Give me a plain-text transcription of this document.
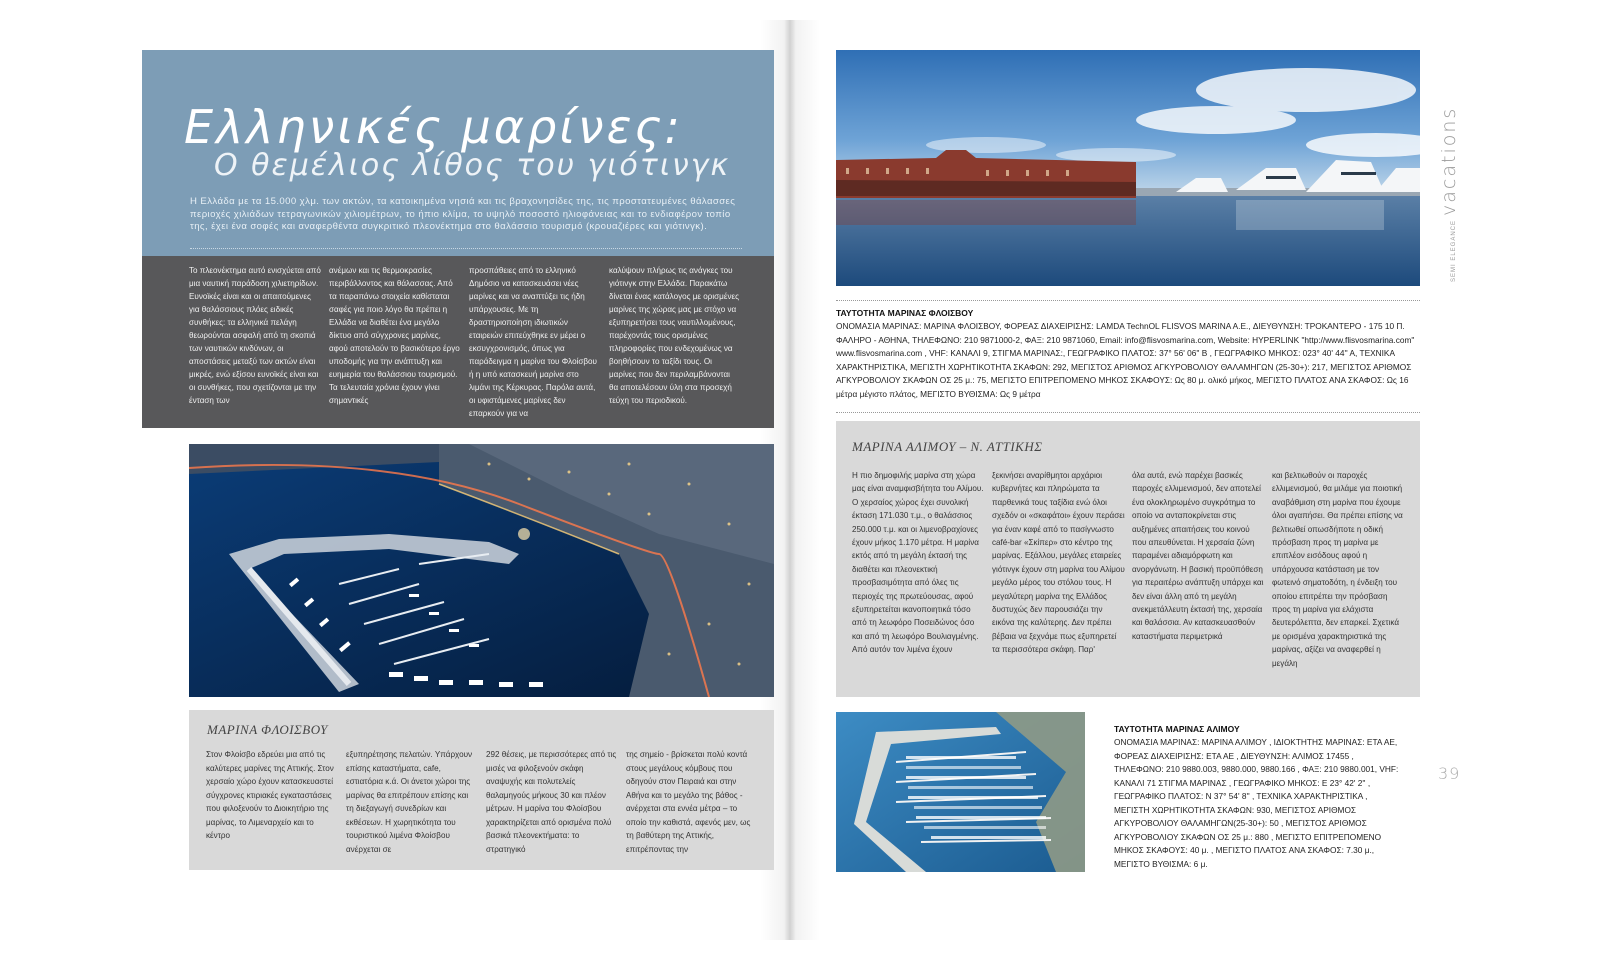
Ελληνικές μαρίνες:
Ο θεμέλιος λίθος του γιότινγκ
Η Ελλάδα με τα 15.000 χλμ. των ακτών, τα κατοικημένα νησιά και τις βραχονησίδες της, τις προστατευμένες θάλασσες περιοχές χιλιάδων τετραγωνικών χιλιομέτρων, το ήπιο κλίμα, το υψηλό ποσοστό ηλιοφάνειας και το ενδιαφέρον τοπίο της, έχει ένα σοφές και αναφερθέντα συγκριτικό πλεονέκτημα στο θαλάσσιο τουρισμό (κρουαζιέρες και γιότινγκ).
Το πλεονέκτημα αυτό ενισχύεται από μια ναυτική παράδοση χιλιετηρίδων. Ευνοϊκές είναι και οι απαιτούμενες για θαλάσσιους πλόες ειδικές συνθήκες: τα ελληνικά πελάγη θεωρούνται ασφαλή από τη σκοπιά των ναυτικών κινδύνων, οι αποστάσεις μεταξύ των ακτών είναι μικρές, ενώ εξίσου ευνοϊκές είναι και οι συνθήκες, που σχετίζονται με την ένταση των
ανέμων και τις θερμοκρασίες περιβάλλοντος και θάλασσας. Από τα παραπάνω στοιχεία καθίσταται σαφές για ποιο λόγο θα πρέπει η Ελλάδα να διαθέτει ένα μεγάλο δίκτυο από σύγχρονες μαρίνες, αφού αποτελούν το βασικότερο έργο υποδομής για την ανάπτυξη και ευημερία του θαλάσσιου τουρισμού. Τα τελευταία χρόνια έχουν γίνει σημαντικές
προσπάθειες από το ελληνικό Δημόσιο να κατασκευάσει νέες μαρίνες και να αναπτύξει τις ήδη υπάρχουσες. Με τη δραστηριοποίηση ιδιωτικών εταιρειών επιτεύχθηκε εν μέρει ο εκσυγχρονισμός, όπως για παράδειγμα η μαρίνα του Φλοίσβου ή η υπό κατασκευή μαρίνα στο λιμάνι της Κέρκυρας. Παρόλα αυτά, οι υφιστάμενες μαρίνες δεν επαρκούν για να
καλύψουν πλήρως τις ανάγκες του γιότινγκ στην Ελλάδα. Παρακάτω δίνεται ένας κατάλογος με ορισμένες μαρίνες της χώρας μας με στόχο να εξυπηρετήσει τους ναυτιλλομένους, παρέχοντάς τους ορισμένες πληροφορίες που ενδεχομένως να βοηθήσουν το ταξίδι τους. Οι μαρίνες που δεν περιλαμβάνονται θα αποτελέσουν ύλη στα προσεχή τεύχη του περιοδικού.
ΜΑΡΙΝΑ ΦΛΟΙΣΒΟΥ
Στον Φλοίσβο εδρεύει μια από τις καλύτερες μαρίνες της Αττικής. Στον χερσαίο χώρο έχουν κατασκευαστεί σύγχρονες κτιριακές εγκαταστάσεις που φιλοξενούν το Διοικητήριο της μαρίνας, το Λιμεναρχείο και το κέντρο
εξυπηρέτησης πελατών. Υπάρχουν επίσης καταστήματα, cafe, εστιατόρια κ.ά. Οι άνετοι χώροι της μαρίνας θα επιτρέπουν επίσης και τη διεξαγωγή συνεδρίων και εκθέσεων. Η χωρητικότητα του τουριστικού λιμένα Φλοίσβου ανέρχεται σε
292 θέσεις, με περισσότερες από τις μισές να φιλοξενούν σκάφη αναψυχής και πολυτελείς θαλαμηγούς μήκους 30 και πλέον μέτρων. Η μαρίνα του Φλοίσβου χαρακτηρίζεται από ορισμένα πολύ βασικά πλεονεκτήματα: το στρατηγικό
της σημείο - βρίσκεται πολύ κοντά στους μεγάλους κόμβους που οδηγούν στον Πειραιά και στην Αθήνα και το μεγάλο της βάθος - ανέρχεται στα εννέα μέτρα – το οποίο την καθιστά, αφενός μεν, ως τη βαθύτερη της Αττικής, επιτρέποντας την
SEMI ELEGANCE
vacations
ΤΑΥΤΟΤΗΤΑ ΜΑΡΙΝΑΣ ΦΛΟΙΣΒΟΥ
ΟΝΟΜΑΣΙΑ ΜΑΡΙΝΑΣ: ΜΑΡΙΝΑ ΦΛΟΙΣΒΟΥ, ΦΟΡΕΑΣ ΔΙΑΧΕΙΡΙΣΗΣ: LAMDA TechnOL FLISVOS MARINA A.E., ΔΙΕΥΘΥΝΣΗ: ΤΡΟΚΑΝΤΕΡΟ - 175 10 Π. ΦΑΛΗΡΟ - ΑΘΗΝΑ, ΤΗΛΕΦΩΝΟ: 210 9871000-2, ΦΑΞ: 210 9871060, Email: info@flisvosmarina.com, Website: HYPERLINK "http://www.flisvosmarina.com" www.flisvosmarina.com , VHF: ΚΑΝΑΛΙ 9, ΣΤΙΓΜΑ ΜΑΡΙΝΑΣ:, ΓΕΩΓΡΑΦΙΚΟ ΠΛΑΤΟΣ: 37° 56' 06'' Β , ΓΕΩΓΡΑΦΙΚΟ ΜΗΚΟΣ: 023° 40' 44'' Α, ΤΕΧΝΙΚΑ ΧΑΡΑΚΤΗΡΙΣΤΙΚΑ, ΜΕΓΙΣΤΗ ΧΩΡΗΤΙΚΟΤΗΤΑ ΣΚΑΦΩΝ: 292, ΜΕΓΙΣΤΟΣ ΑΡΙΘΜΟΣ ΑΓΚΥΡΟΒΟΛΙΟΥ ΘΑΛΑΜΗΓΩΝ (25-30+): 217, ΜΕΓΙΣΤΟΣ ΑΡΙΘΜΟΣ ΑΓΚΥΡΟΒΟΛΙΟΥ ΣΚΑΦΩΝ ΟΣ 25 μ.: 75, ΜΕΓΙΣΤΟ ΕΠΙΤΡΕΠΟΜΕΝΟ ΜΗΚΟΣ ΣΚΑΦΟΥΣ: Ως 80 μ. ολικό μήκος, ΜΕΓΙΣΤΟ ΠΛΑΤΟΣ ΑΝΑ ΣΚΑΦΟΣ: Ως 16 μέτρα μέγιστο πλάτος, ΜΕΓΙΣΤΟ ΒΥΘΙΣΜΑ: Ως 9 μέτρα
ΜΑΡΙΝΑ ΑΛΙΜΟΥ – Ν. ΑΤΤΙΚΗΣ
Η πιο δημοφιλής μαρίνα στη χώρα μας είναι αναμφισβήτητα του Αλίμου. Ο χερσαίος χώρος έχει συνολική έκταση 171.030 τ.μ., ο θαλάσσιος 250.000 τ.μ. και οι λιμενοβραχίονες έχουν μήκος 1.170 μέτρα. Η μαρίνα εκτός από τη μεγάλη έκτασή της διαθέτει και πλεονεκτική προσβασιμότητα από όλες τις περιοχές της πρωτεύουσας, αφού εξυπηρετείται ικανοποιητικά τόσο από τη λεωφόρο Ποσειδώνος όσο και από τη λεωφόρο Βουλιαγμένης. Από αυτόν τον λιμένα έχουν
ξεκινήσει αναρίθμητοι αρχάριοι κυβερνήτες και πληρώματα τα παρθενικά τους ταξίδια ενώ όλοι σχεδόν οι «σκαφάτοι» έχουν περάσει για έναν καφέ από το πασίγνωστο café-bar «Σκίπερ» στο κέντρο της μαρίνας. Εξάλλου, μεγάλες εταιρείες γιότινγκ έχουν στη μαρίνα του Αλίμου μεγάλο μέρος του στόλου τους. Η μεγαλύτερη μαρίνα της Ελλάδος δυστυχώς δεν παρουσιάζει την εικόνα της καλύτερης. Δεν πρέπει βέβαια να ξεχνάμε πως εξυπηρετεί τα περισσότερα σκάφη. Παρ'
όλα αυτά, ενώ παρέχει βασικές παροχές ελλιμενισμού, δεν αποτελεί ένα ολοκληρωμένο συγκρότημα το οποίο να ανταποκρίνεται στις αυξημένες απαιτήσεις του κοινού που απευθύνεται. Η χερσαία ζώνη παραμένει αδιαμόρφωτη και ανοργάνωτη. Η βασική προϋπόθεση για περαιτέρω ανάπτυξη υπάρχει και δεν είναι άλλη από τη μεγάλη ανεκμετάλλευτη έκτασή της, χερσαία και θαλάσσια. Αν κατασκευασθούν καταστήματα περιμετρικά
και βελτιωθούν οι παροχές ελλιμενισμού, θα μιλάμε για ποιοτική αναβάθμιση στη μαρίνα που έχουμε όλοι αγαπήσει. Θα πρέπει επίσης να βελτιωθεί οπωσδήποτε η οδική πρόσβαση προς τη μαρίνα με επιπλέον εισόδους αφού η υπάρχουσα κατάσταση με τον φωτεινό σηματοδότη, η ένδειξη του οποίου επιτρέπει την πρόσβαση προς τη μαρίνα για ελάχιστα δευτερόλεπτα, δεν επαρκεί. Σχετικά με ορισμένα χαρακτηριστικά της μαρίνας, αξίζει να αναφερθεί η μεγάλη
ΤΑΥΤΟΤΗΤΑ ΜΑΡΙΝΑΣ ΑΛΙΜΟΥ
ΟΝΟΜΑΣΙΑ ΜΑΡΙΝΑΣ: ΜΑΡΙΝΑ ΑΛΙΜΟΥ , ΙΔΙΟΚΤΗΤΗΣ ΜΑΡΙΝΑΣ: ΕΤΑ ΑΕ, ΦΟΡΕΑΣ ΔΙΑΧΕΙΡΙΣΗΣ: ΕΤΑ ΑΕ , ΔΙΕΥΘΥΝΣΗ: ΑΛΙΜΟΣ 17455 , ΤΗΛΕΦΩΝΟ: 210 9880.003, 9880.000, 9880.166 , ΦΑΞ: 210 9880.001, VHF: ΚΑΝΑΛΙ 71 ΣΤΙΓΜΑ ΜΑΡΙΝΑΣ , ΓΕΩΓΡΑΦΙΚΟ ΜΗΚΟΣ: Ε 23° 42' 2'' , ΓΕΩΓΡΑΦΙΚΟ ΠΛΑΤΟΣ: Ν 37° 54' 8'' , ΤΕΧΝΙΚΑ ΧΑΡΑΚΤΗΡΙΣΤΙΚΑ , ΜΕΓΙΣΤΗ ΧΩΡΗΤΙΚΟΤΗΤΑ ΣΚΑΦΩΝ: 930, ΜΕΓΙΣΤΟΣ ΑΡΙΘΜΟΣ ΑΓΚΥΡΟΒΟΛΙΟΥ ΘΑΛΑΜΗΓΩΝ(25-30+): 50 , ΜΕΓΙΣΤΟΣ ΑΡΙΘΜΟΣ ΑΓΚΥΡΟΒΟΛΙΟΥ ΣΚΑΦΩΝ ΟΣ 25 μ.: 880 , ΜΕΓΙΣΤΟ ΕΠΙΤΡΕΠΟΜΕΝΟ ΜΗΚΟΣ ΣΚΑΦΟΥΣ: 40 μ. , ΜΕΓΙΣΤΟ ΠΛΑΤΟΣ ΑΝΑ ΣΚΑΦΟΣ: 7.30 μ., ΜΕΓΙΣΤΟ ΒΥΘΙΣΜΑ: 6 μ.
39
